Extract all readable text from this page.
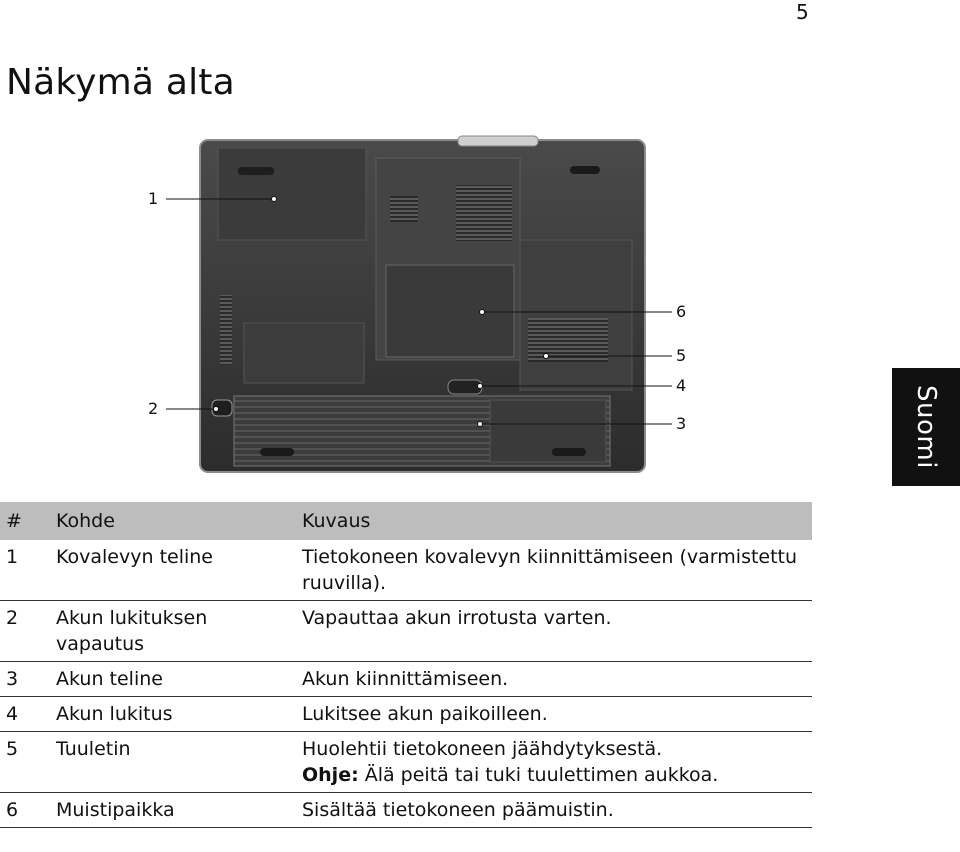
5
Näkymä alta
Suomi
1
2
6
5
4
3
#	Kohde	Kuvaus
1	Kovalevyn teline	Tietokoneen kovalevyn kiinnittämiseen (varmistettu ruuvilla).
2	Akun lukituksen vapautus	Vapauttaa akun irrotusta varten.
3	Akun teline	Akun kiinnittämiseen.
4	Akun lukitus	Lukitsee akun paikoilleen.
5	Tuuletin	Huolehtii tietokoneen jäähdytyksestä.
Ohje: Älä peitä tai tuki tuulettimen aukkoa.

6	Muistipaikka	Sisältää tietokoneen päämuistin.
